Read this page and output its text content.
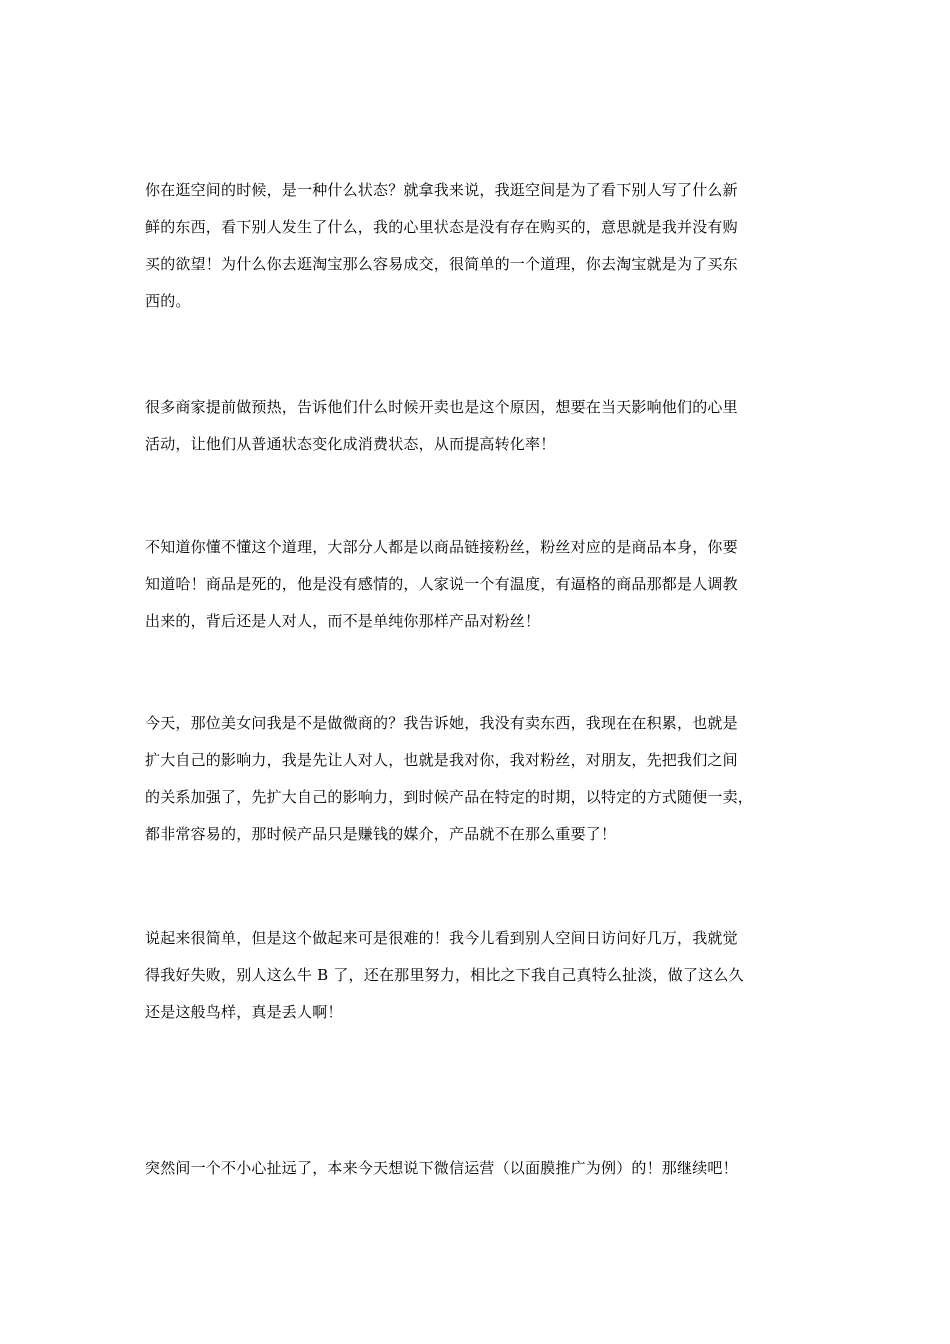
你在逛空间的时候，是一种什么状态？就拿我来说，我逛空间是为了看下别人写了什么新
鲜的东西，看下别人发生了什么，我的心里状态是没有存在购买的，意思就是我并没有购
买的欲望！为什么你去逛淘宝那么容易成交，很简单的一个道理，你去淘宝就是为了买东
西的。

很多商家提前做预热，告诉他们什么时候开卖也是这个原因，想要在当天影响他们的心里
活动，让他们从普通状态变化成消费状态，从而提高转化率！

不知道你懂不懂这个道理，大部分人都是以商品链接粉丝，粉丝对应的是商品本身，你要
知道哈！商品是死的，他是没有感情的，人家说一个有温度，有逼格的商品那都是人调教
出来的，背后还是人对人，而不是单纯你那样产品对粉丝！

今天，那位美女问我是不是做微商的？我告诉她，我没有卖东西，我现在在积累，也就是
扩大自己的影响力，我是先让人对人，也就是我对你，我对粉丝，对朋友，先把我们之间
的关系加强了，先扩大自己的影响力，到时候产品在特定的时期，以特定的方式随便一卖，
都非常容易的，那时候产品只是赚钱的媒介，产品就不在那么重要了！

说起来很简单，但是这个做起来可是很难的！我今儿看到别人空间日访问好几万，我就觉
得我好失败，别人这么牛 B 了，还在那里努力，相比之下我自己真特么扯淡，做了这么久
还是这般鸟样，真是丢人啊！

突然间一个不小心扯远了，本来今天想说下微信运营（以面膜推广为例）的！那继续吧！
